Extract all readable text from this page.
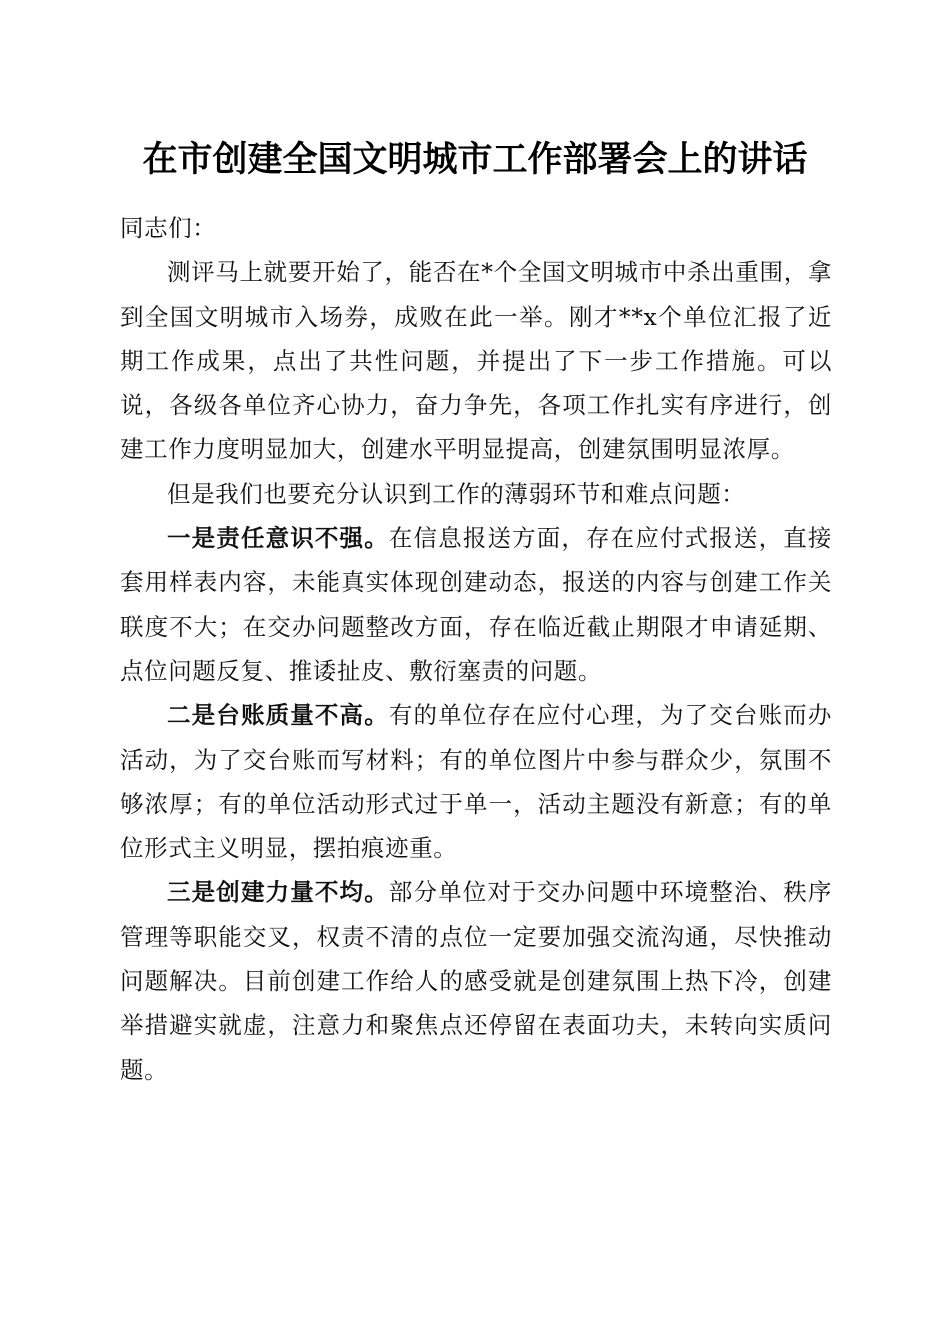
在市创建全国文明城市工作部署会上的讲话

同志们：

测评马上就要开始了，能否在*个全国文明城市中杀出重围，拿到全国文明城市入场券，成败在此一举。刚才**x个单位汇报了近期工作成果，点出了共性问题，并提出了下一步工作措施。可以说，各级各单位齐心协力，奋力争先，各项工作扎实有序进行，创建工作力度明显加大，创建水平明显提高，创建氛围明显浓厚。

但是我们也要充分认识到工作的薄弱环节和难点问题：

一是责任意识不强。在信息报送方面，存在应付式报送，直接套用样表内容，未能真实体现创建动态，报送的内容与创建工作关联度不大；在交办问题整改方面，存在临近截止期限才申请延期、点位问题反复、推诿扯皮、敷衍塞责的问题。

二是台账质量不高。有的单位存在应付心理，为了交台账而办活动，为了交台账而写材料；有的单位图片中参与群众少，氛围不够浓厚；有的单位活动形式过于单一，活动主题没有新意；有的单位形式主义明显，摆拍痕迹重。

三是创建力量不均。部分单位对于交办问题中环境整治、秩序管理等职能交叉，权责不清的点位一定要加强交流沟通，尽快推动问题解决。目前创建工作给人的感受就是创建氛围上热下冷，创建举措避实就虚，注意力和聚焦点还停留在表面功夫，未转向实质问题。
